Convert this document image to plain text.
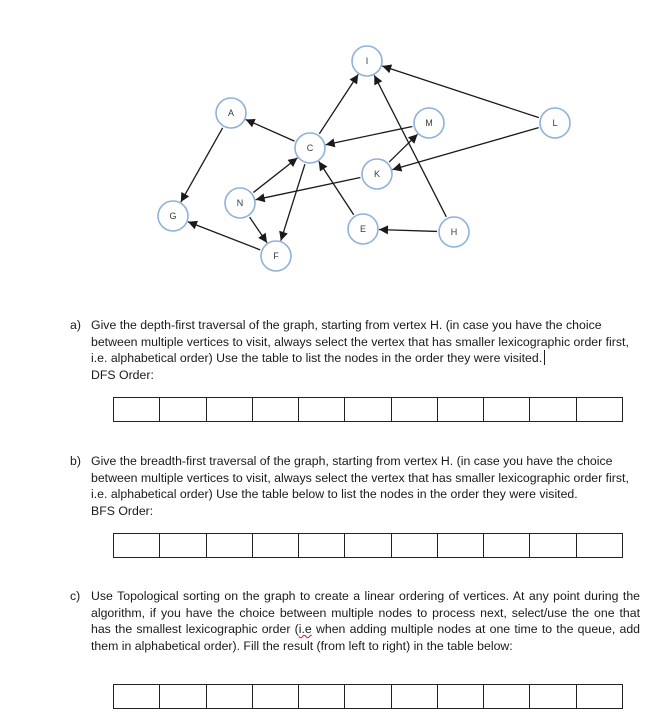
A
C
E
F
G
H
I
K
L
M
N
a) Give the depth-first traversal of the graph, starting from vertex H. (in case you have the choice between multiple vertices to visit, always select the vertex that has smaller lexicographic order first, i.e. alphabetical order) Use the table to list the nodes in the order they were visited.
DFS Order:

b) Give the breadth-first traversal of the graph, starting from vertex H. (in case you have the choice between multiple vertices to visit, always select the vertex that has smaller lexicographic order first, i.e. alphabetical order) Use the table below to list the nodes in the order they were visited.
BFS Order:

c) Use Topological sorting on the graph to create a linear ordering of vertices. At any point during the algorithm, if you have the choice between multiple nodes to process next, select/use the one that has the smallest lexicographic order (i.e when adding multiple nodes at one time to the queue, add them in alphabetical order). Fill the result (from left to right) in the table below:
